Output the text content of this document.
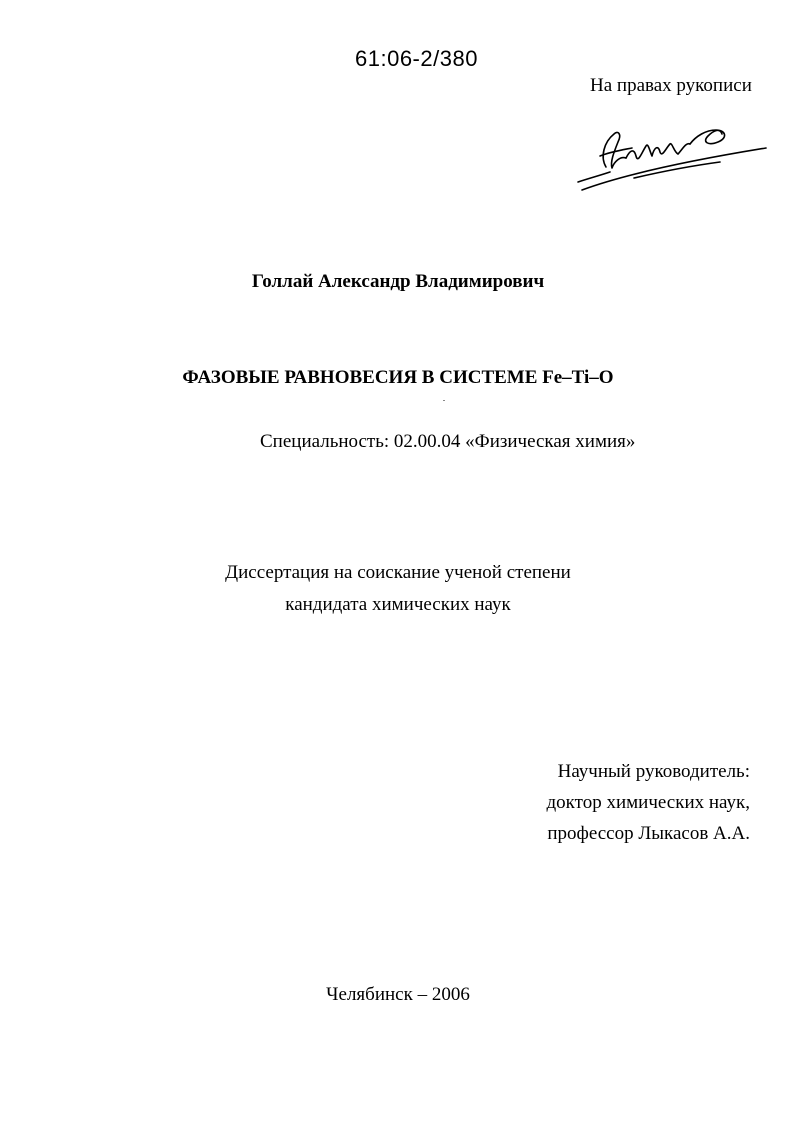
61:06-2/380
На правах рукописи
Голлай Александр Владимирович
ФАЗОВЫЕ РАВНОВЕСИЯ В СИСТЕМЕ Fe–Ti–O
Специальность: 02.00.04 «Физическая химия»
Диссертация на соискание ученой степени
кандидата химических наук
Научный руководитель:
доктор химических наук,
профессор Лыкасов А.А.
Челябинск – 2006
